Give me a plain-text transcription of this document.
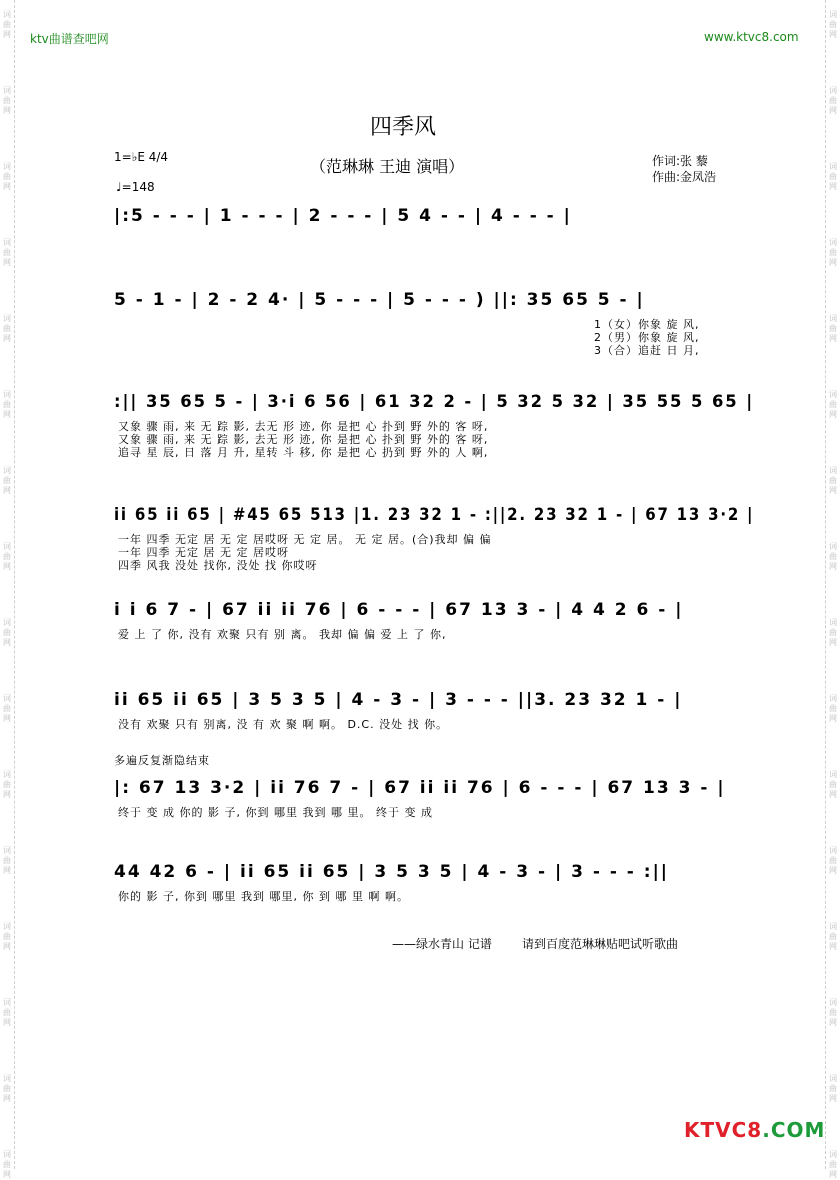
词
曲
网
词
曲
网
词
曲
网
词
曲
网
词
曲
网
词
曲
网
词
曲
网
词
曲
网
词
曲
网
词
曲
网
词
曲
网
词
曲
网
词
曲
网
词
曲
网
词
曲
网
词
曲
网
词
曲
网
词
曲
网
词
曲
网
词
曲
网
词
曲
网
词
曲
网
词
曲
网
词
曲
网
词
曲
网
词
曲
网
词
曲
网
词
曲
网
词
曲
网
词
曲
网
词
曲
网
词
曲
网
ktv曲谱查吧网	www.ktvc8.com
四季风
（范琳琳 王迪 演唱）	作词:张 藜
作曲:金凤浩
1=♭E 4/4
♩=148
|:5 - - - | 1 - - - | 2 - - - | 5 4 - - | 4 - - - |
5 - 1 - | 2 - 2 4· | 5 - - - | 5 - - - ) ||: 35 65 5 - |
1（女）你象 旋 风,
2（男）你象 旋 风,
3（合）追赶 日 月,
:|| 35 65 5 - | 3·i 6 56 | 61 32 2 - | 5 32 5 32 | 35 55 5 65 |
又象 骤 雨, 来 无 踪 影, 去无 形 迹, 你 是把 心 扑到 野 外的 客 呀,
又象 骤 雨, 来 无 踪 影, 去无 形 迹, 你 是把 心 扑到 野 外的 客 呀,
追寻 星 辰, 日 落 月 升, 星转 斗 移, 你 是把 心 扔到 野 外的 人 啊,
ii 65 ii 65 | #45 65 513 |1. 23 32 1 - :||2. 23 32 1 - | 67 13 3·2 |
一年 四季 无定 居 无 定 居哎呀 无 定 居。 无 定 居。(合)我却 偏 偏
一年 四季 无定 居 无 定 居哎呀
四季 风我 没处 找你, 没处 找 你哎呀
i i 6 7 - | 67 ii ii 76 | 6 - - - | 67 13 3 - | 4 4 2 6 - |
爱 上 了 你, 没有 欢聚 只有 别 离。 我却 偏 偏 爱 上 了 你,
ii 65 ii 65 | 3 5 3 5 | 4 - 3 - | 3 - - - ||3. 23 32 1 - |
没有 欢聚 只有 别离, 没 有 欢 聚 啊 啊。 D.C. 没处 找 你。
多遍反复渐隐结束
|: 67 13 3·2 | ii 76 7 - | 67 ii ii 76 | 6 - - - | 67 13 3 - |
终于 变 成 你的 影 子, 你到 哪里 我到 哪 里。 终于 变 成
44 42 6 - | ii 65 ii 65 | 3 5 3 5 | 4 - 3 - | 3 - - - :||
你的 影 子, 你到 哪里 我到 哪里, 你 到 哪 里 啊 啊。
——绿水青山 记谱	请到百度范琳琳贴吧试听歌曲
KTVC8.COM
